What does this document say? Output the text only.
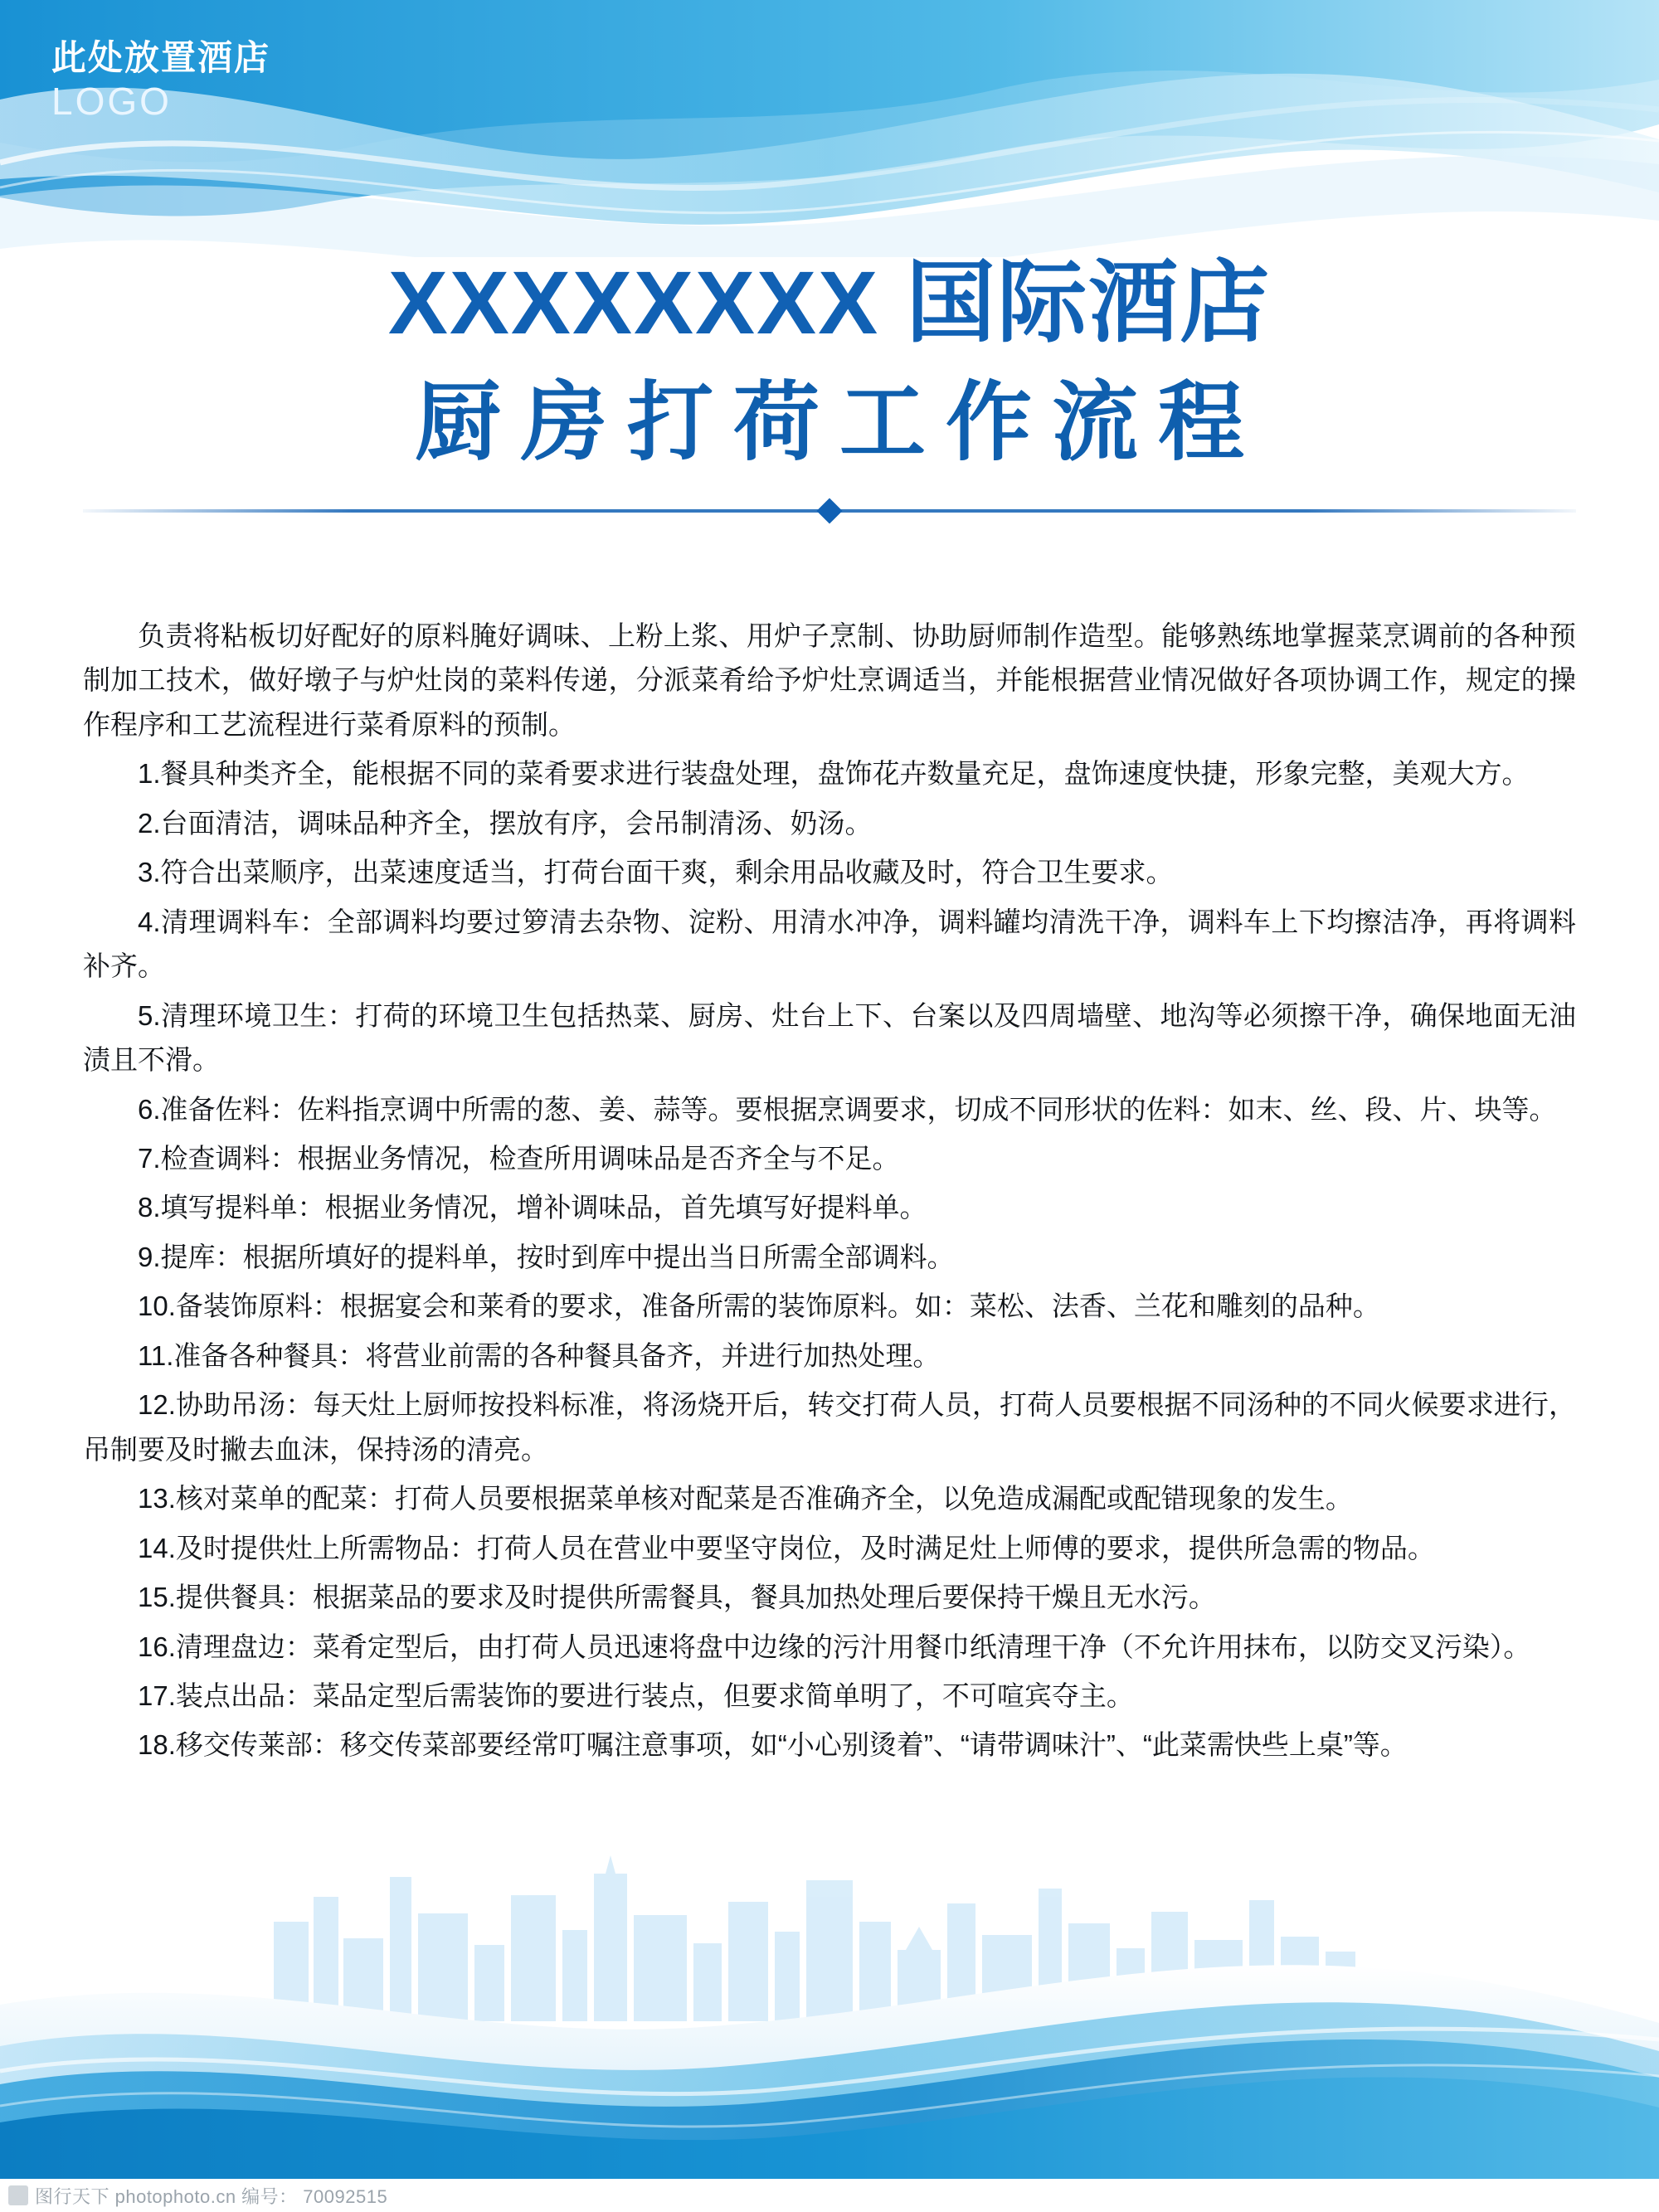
此处放置酒店
LOGO
XXXXXXXX 国际酒店
厨房打荷工作流程

负责将粘板切好配好的原料腌好调味、上粉上浆、用炉子烹制、协助厨师制作造型。能够熟练地掌握菜烹调前的各种预制加工技术，做好墩子与炉灶岗的菜料传递，分派菜肴给予炉灶烹调适当，并能根据营业情况做好各项协调工作，规定的操作程序和工艺流程进行菜肴原料的预制。

1.餐具种类齐全，能根据不同的菜肴要求进行装盘处理，盘饰花卉数量充足，盘饰速度快捷，形象完整，美观大方。

2.台面清洁，调味品种齐全，摆放有序，会吊制清汤、奶汤。

3.符合出菜顺序，出菜速度适当，打荷台面干爽，剩余用品收藏及时，符合卫生要求。

4.清理调料车：全部调料均要过箩清去杂物、淀粉、用清水冲净，调料罐均清洗干净，调料车上下均擦洁净，再将调料补齐。

5.清理环境卫生：打荷的环境卫生包括热菜、厨房、灶台上下、台案以及四周墙壁、地沟等必须擦干净，确保地面无油渍且不滑。

6.准备佐料：佐料指烹调中所需的葱、姜、蒜等。要根据烹调要求，切成不同形状的佐料：如末、丝、段、片、块等。

7.检查调料：根据业务情况，检查所用调味品是否齐全与不足。

8.填写提料单：根据业务情况，增补调味品，首先填写好提料单。

9.提库：根据所填好的提料单，按时到库中提出当日所需全部调料。

10.备装饰原料：根据宴会和莱肴的要求，准备所需的装饰原料。如：菜松、法香、兰花和雕刻的品种。

11.准备各种餐具：将营业前需的各种餐具备齐，并进行加热处理。

12.协助吊汤：每天灶上厨师按投料标准，将汤烧开后，转交打荷人员，打荷人员要根据不同汤种的不同火候要求进行，吊制要及时撇去血沫，保持汤的清亮。

13.核对菜单的配菜：打荷人员要根据菜单核对配菜是否准确齐全，以免造成漏配或配错现象的发生。

14.及时提供灶上所需物品：打荷人员在营业中要坚守岗位，及时满足灶上师傅的要求，提供所急需的物品。

15.提供餐具：根据菜品的要求及时提供所需餐具，餐具加热处理后要保持干燥且无水污。

16.清理盘边：菜肴定型后，由打荷人员迅速将盘中边缘的污汁用餐巾纸清理干净（不允许用抹布，以防交叉污染）。

17.装点出品：菜品定型后需装饰的要进行装点，但要求简单明了，不可喧宾夺主。

18.移交传莱部：移交传菜部要经常叮嘱注意事项，如“小心别烫着”、“请带调味汁”、“此菜需快些上桌”等。

图行天下 photophoto.cn 编号： 70092515
